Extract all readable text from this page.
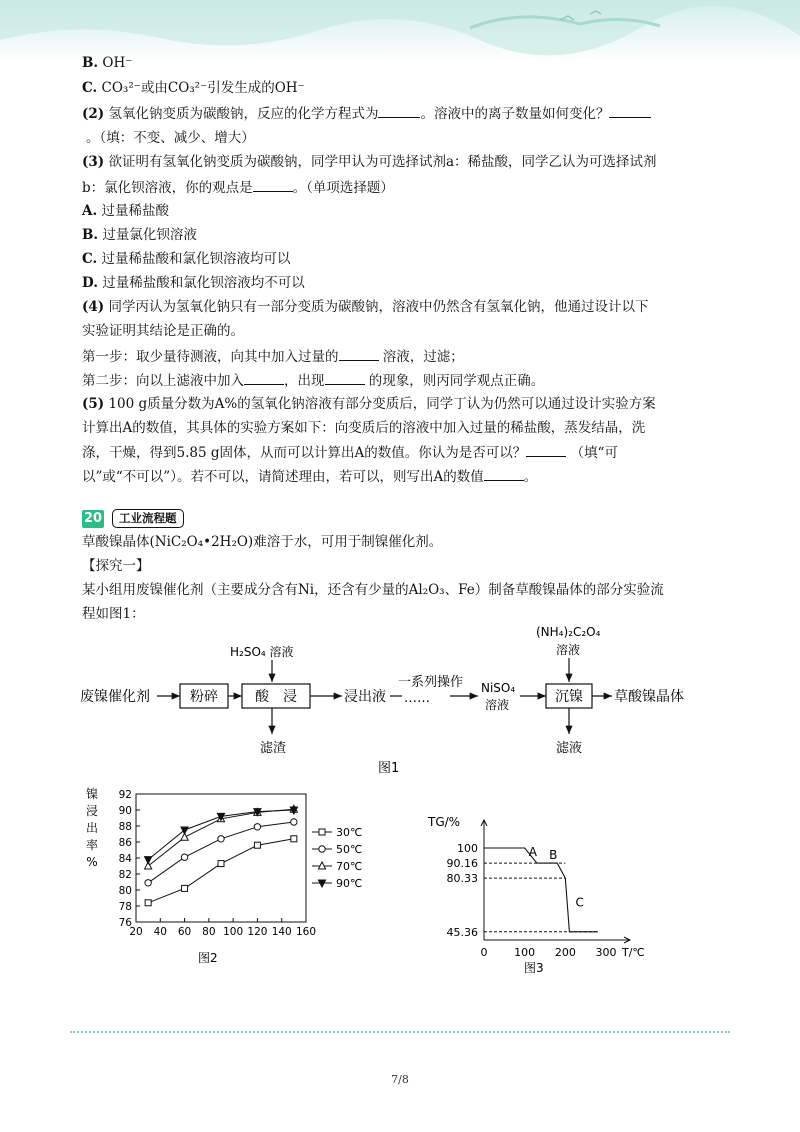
B. OH⁻
C. CO₃²⁻或由CO₃²⁻引发生成的OH⁻
(2) 氢氧化钠变质为碳酸钠，反应的化学方程式为	。溶液中的离子数量如何变化？
。（填：不变、减少、增大）
(3) 欲证明有氢氧化钠变质为碳酸钠，同学甲认为可选择试剂a：稀盐酸，同学乙认为可选择试剂
b：氯化钡溶液，你的观点是	。（单项选择题）
A. 过量稀盐酸
B. 过量氯化钡溶液
C. 过量稀盐酸和氯化钡溶液均可以
D. 过量稀盐酸和氯化钡溶液均不可以
(4) 同学丙认为氢氧化钠只有一部分变质为碳酸钠，溶液中仍然含有氢氧化钠，他通过设计以下
实验证明其结论是正确的。
第一步：取少量待测液，向其中加入过量的	溶液，过滤；
第二步：向以上滤液中加入	，出现	的现象，则丙同学观点正确。
(5) 100 g质量分数为A%的氢氧化钠溶液有部分变质后，同学丁认为仍然可以通过设计实验方案
计算出A的数值，其具体的实验方案如下：向变质后的溶液中加入过量的稀盐酸，蒸发结晶，洗
涤，干燥，得到5.85 g固体，从而可以计算出A的数值。你认为是否可以？	（填“可
以”或“不可以”）。若不可以，请简述理由，若可以，则写出A的数值	。
20	工业流程题
草酸镍晶体(NiC₂O₄•2H₂O)难溶于水，可用于制镍催化剂。
【探究一】
某小组用废镍催化剂（主要成分含有Ni，还含有少量的Al₂O₃、Fe）制备草酸镍晶体的部分实验流
程如图1：
废镍催化剂	粉碎	酸　浸
H₂SO₄ 溶液
滤渣
浸出液
一系列操作
……
NiSO₄
溶液	沉镍
(NH₄)₂C₂O₄
溶液
滤液
草酸镍晶体
图1
20 40 60 80 100 120 140 160
76
78
80
82
84
86
88
90
92
30℃
50℃
70℃
90℃
镍
浸
出
率
%
图2
TG/%
T/℃
0 100 200 300
100
90.16
80.33
45.36
A B
C
图3
7/8
